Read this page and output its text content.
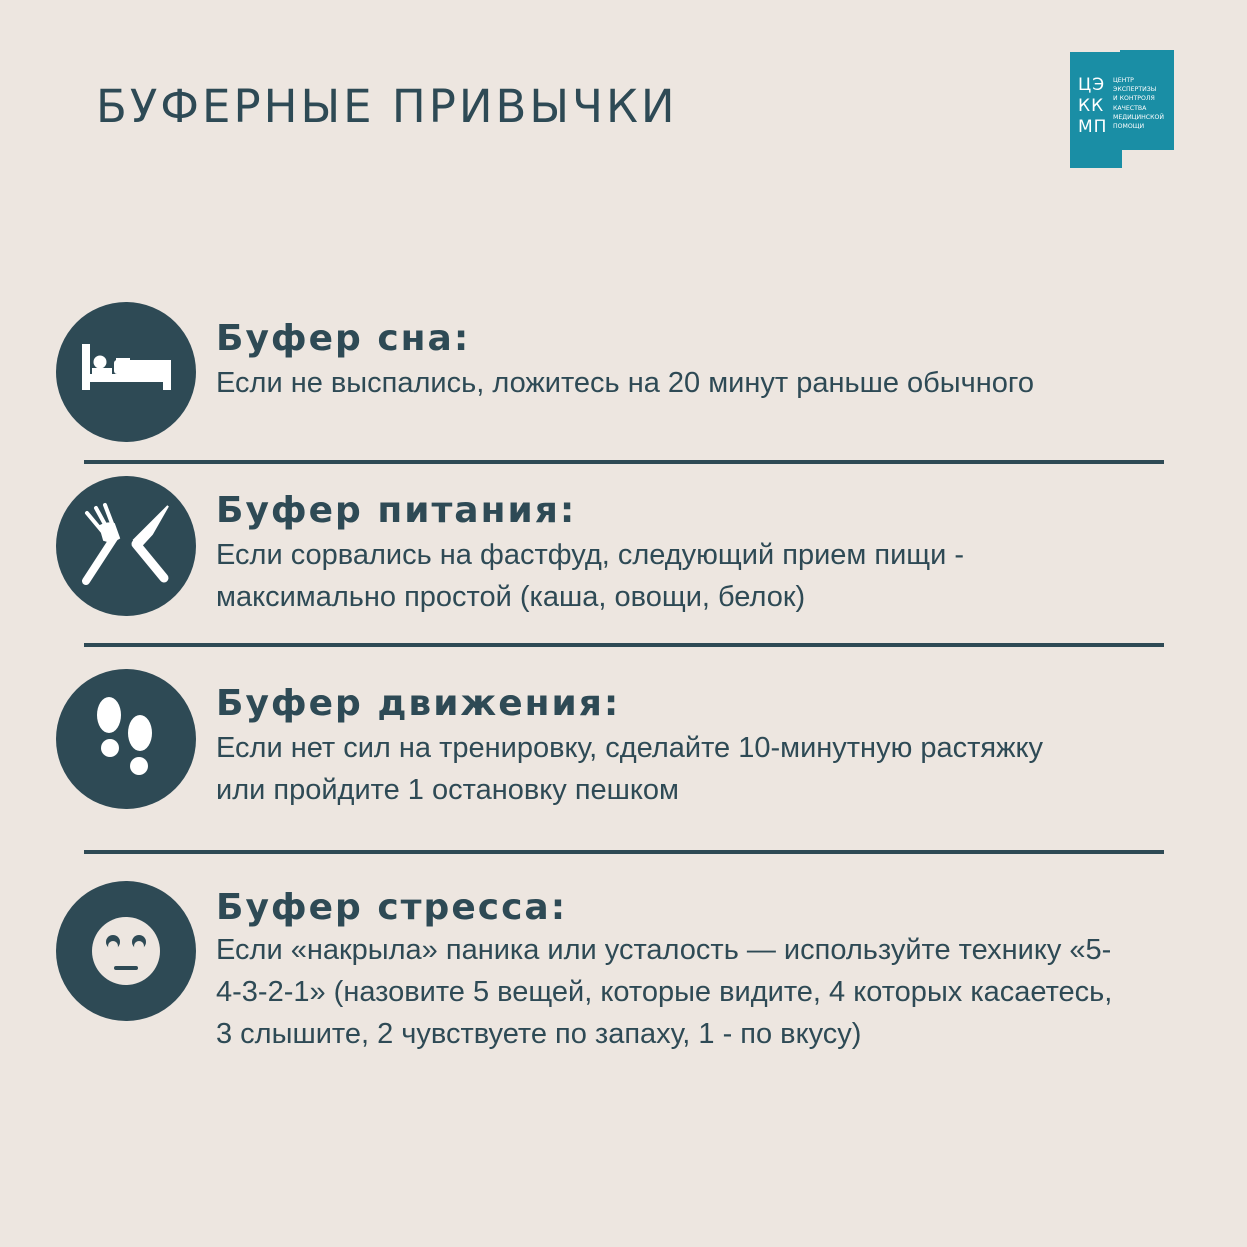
БУФЕРНЫЕ ПРИВЫЧКИ	ЦЭ
КК
МП
ЦЕНТР
ЭКСПЕРТИЗЫ
И КОНТРОЛЯ
КАЧЕСТВА
МЕДИЦИНСКОЙ
ПОМОЩИ

Буфер сна:

Если не выспались, ложитесь на 20 минут раньше обычного

Буфер питания:

Если сорвались на фастфуд, следующий прием пищи -
максимально простой (каша, овощи, белок)

Буфер движения:

Если нет сил на тренировку, сделайте 10-минутную растяжку
или пройдите 1 остановку пешком

Буфер стресса:

Если «накрыла» паника или усталость — используйте технику «5-
4-3-2-1» (назовите 5 вещей, которые видите, 4 которых касаетесь,
3 слышите, 2 чувствуете по запаху, 1 - по вкусу)
